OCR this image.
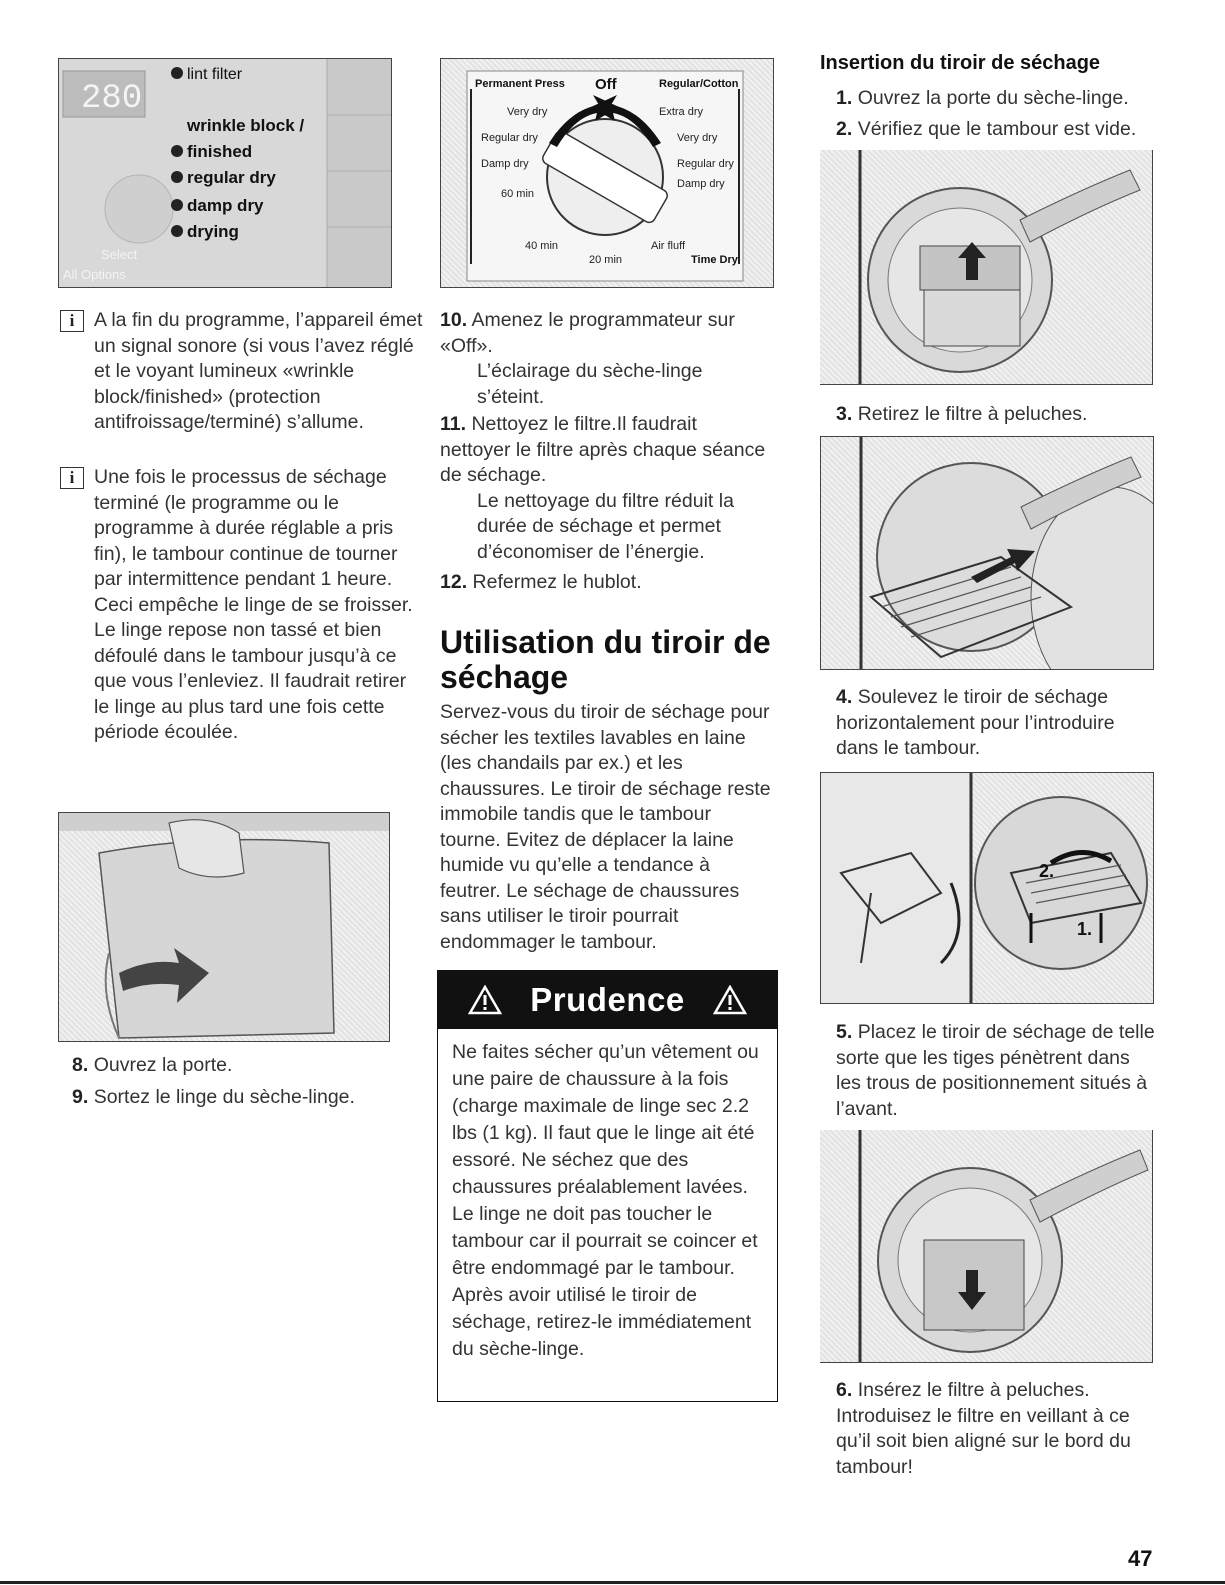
280
lint filter
wrinkle block /
finished
regular dry
damp dry
drying
Select
All Options
i	A la fin du programme, l’appareil émet un signal sonore (si vous l’avez réglé et le voyant lumineux «wrinkle block/finished» (protection antifroissage/terminé) s’allume.

i	Une fois le processus de séchage terminé (le programme ou le programme à durée réglable a pris fin), le tambour continue de tourner par intermittence pendant 1 heure. Ceci empêche le linge de se froisser. Le linge repose non tassé et bien défoulé dans le tambour jusqu’à ce que vous l’enleviez. Il faudrait retirer le linge au plus tard une fois cette période écoulée.

8. Ouvrez la porte.
9. Sortez le linge du sèche-linge.
Permanent Press Off	Regular/Cotton
Very dry
Regular dry
Damp dry
60 min
Extra dry
Very dry
Regular dry
Damp dry
40 min
20 min
Air fluff
Time Dry
10. Amenez le programmateur sur «Off».

L’éclairage du sèche-linge s’éteint.
11. Nettoyez le filtre.Il faudrait nettoyer le filtre après chaque séance de séchage.

Le nettoyage du filtre réduit la durée de séchage et permet d’économiser de l’énergie.
12. Refermez le hublot.
Utilisation du tiroir de séchage

Servez-vous du tiroir de séchage pour sécher les textiles lavables en laine (les chandails par ex.) et les chaussures. Le tiroir de séchage reste immobile tandis que le tambour tourne. Evitez de déplacer la laine humide vu qu’elle a tendance à feutrer. Le séchage de chaussures sans utiliser le tiroir pourrait endommager le tambour.

Prudence
Ne faites sécher qu’un vêtement ou une paire de chaussure à la fois (charge maximale de linge sec 2.2 lbs (1 kg). Il faut que le linge ait été essoré. Ne séchez que des chaussures préalablement lavées. Le linge ne doit pas toucher le tambour car il pourrait se coincer et être endommagé par le tambour. Après avoir utilisé le tiroir de séchage, retirez-le immédiatement du sèche-linge.
Insertion du tiroir de séchage
1. Ouvrez la porte du sèche-linge.
2. Vérifiez que le tambour est vide.
3. Retirez le filtre à peluches.
4. Soulevez le tiroir de séchage horizontalement pour l’introduire dans le tambour.
2.
1.
5. Placez le tiroir de séchage de telle sorte que les tiges pénètrent dans les trous de positionnement situés à l’avant.
6. Insérez le filtre à peluches. Introduisez le filtre en veillant à ce qu’il soit bien aligné sur le bord du tambour!
47
